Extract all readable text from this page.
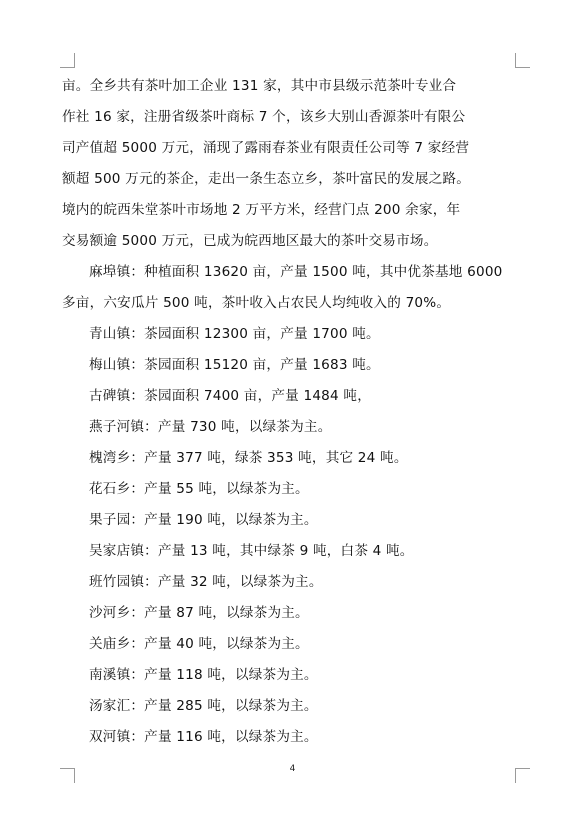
亩。全乡共有茶叶加工企业 131 家，其中市县级示范茶叶专业合
作社 16 家，注册省级茶叶商标 7 个，该乡大别山香源茶叶有限公
司产值超 5000 万元，涌现了露雨春茶业有限责任公司等 7 家经营
额超 500 万元的茶企，走出一条生态立乡，茶叶富民的发展之路。
境内的皖西朱堂茶叶市场地 2 万平方米，经营门点 200 余家，年
交易额逾 5000 万元，已成为皖西地区最大的茶叶交易市场。
麻埠镇：种植面积 13620 亩，产量 1500 吨，其中优茶基地 6000
多亩，六安瓜片 500 吨，茶叶收入占农民人均纯收入的 70%。
青山镇：茶园面积 12300 亩，产量 1700 吨。
梅山镇：茶园面积 15120 亩，产量 1683 吨。
古碑镇：茶园面积 7400 亩，产量 1484 吨，
燕子河镇：产量 730 吨，以绿茶为主。
槐湾乡：产量 377 吨，绿茶 353 吨，其它 24 吨。
花石乡：产量 55 吨，以绿茶为主。
果子园：产量 190 吨，以绿茶为主。
吴家店镇：产量 13 吨，其中绿茶 9 吨，白茶 4 吨。
班竹园镇：产量 32 吨，以绿茶为主。
沙河乡：产量 87 吨，以绿茶为主。
关庙乡：产量 40 吨，以绿茶为主。
南溪镇：产量 118 吨，以绿茶为主。
汤家汇：产量 285 吨，以绿茶为主。
双河镇：产量 116 吨，以绿茶为主。
4
